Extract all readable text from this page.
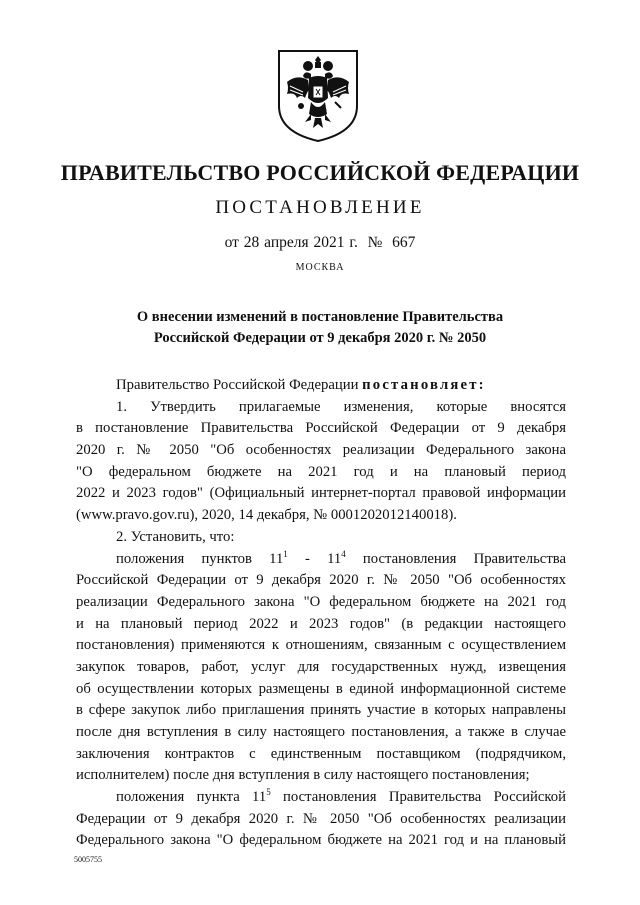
ПРАВИТЕЛЬСТВО РОССИЙСКОЙ ФЕДЕРАЦИИ
ПОСТАНОВЛЕНИЕ
от 28 апреля 2021 г. № 667
МОСКВА
О внесении изменений в постановление Правительства
Российской Федерации от 9 декабря 2020 г. № 2050
Правительство Российской Федерации постановляет:
1. Утвердить прилагаемые изменения, которые вносятся
в постановление Правительства Российской Федерации от 9 декабря
2020 г. № 2050 "Об особенностях реализации Федерального закона
"О федеральном бюджете на 2021 год и на плановый период
2022 и 2023 годов" (Официальный интернет-портал правовой информации
(www.pravo.gov.ru), 2020, 14 декабря, № 0001202012140018).
2. Установить, что:
положения пунктов $11^1 - 11^4$ постановления Правительства
Российской Федерации от 9 декабря 2020 г. № 2050 "Об особенностях
реализации Федерального закона "О федеральном бюджете на 2021 год
и на плановый период 2022 и 2023 годов" (в редакции настоящего
постановления) применяются к отношениям, связанным с осуществлением
закупок товаров, работ, услуг для государственных нужд, извещения
об осуществлении которых размещены в единой информационной системе
в сфере закупок либо приглашения принять участие в которых направлены
после дня вступления в силу настоящего постановления, а также в случае
заключения контрактов с единственным поставщиком (подрядчиком,
исполнителем) после дня вступления в силу настоящего постановления;
положения пункта $11^5$ постановления Правительства Российской
Федерации от 9 декабря 2020 г. № 2050 "Об особенностях реализации
Федерального закона "О федеральном бюджете на 2021 год и на плановый
5005755
